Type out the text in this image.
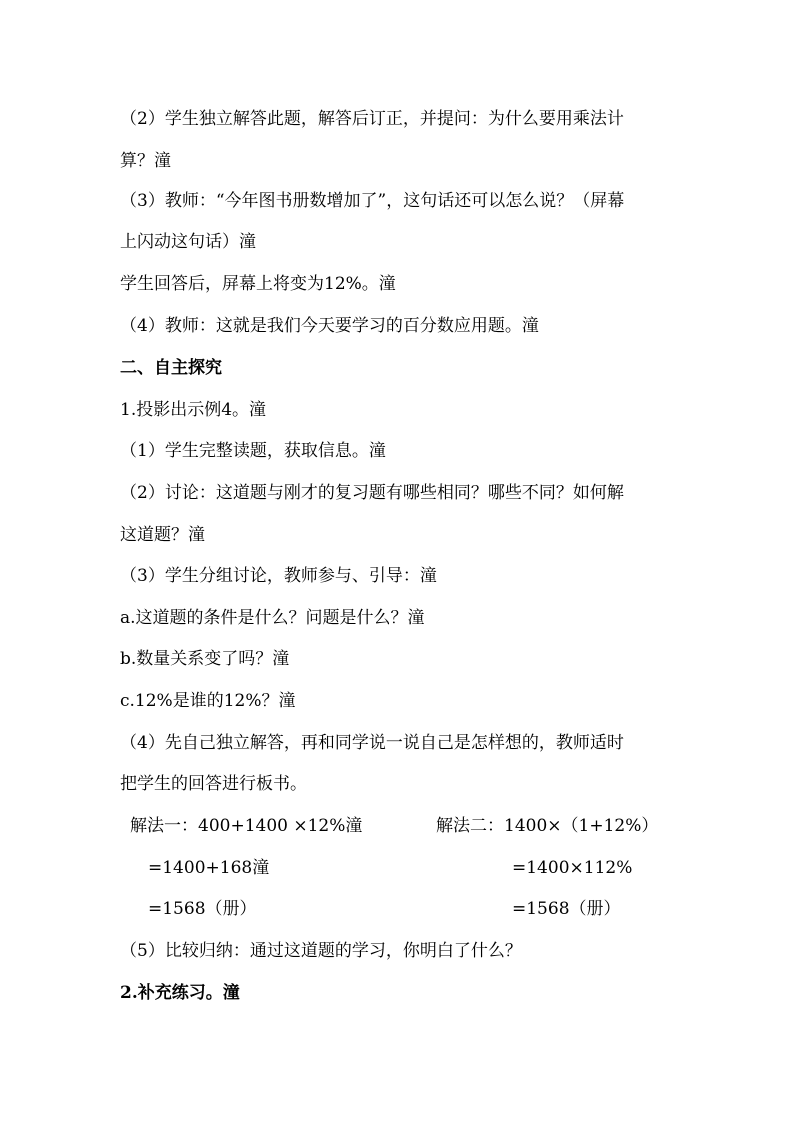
（2）学生独立解答此题，解答后订正，并提问：为什么要用乘法计
算？潼
（3）教师：“今年图书册数增加了”，这句话还可以怎么说？（屏幕
上闪动这句话）潼
学生回答后，屏幕上将变为12%。潼
（4）教师：这就是我们今天要学习的百分数应用题。潼
二、自主探究
1.投影出示例4。潼
（1）学生完整读题，获取信息。潼
（2）讨论：这道题与刚才的复习题有哪些相同？哪些不同？如何解
这道题？潼
（3）学生分组讨论，教师参与、引导：潼
a.这道题的条件是什么？问题是什么？潼
b.数量关系变了吗？潼
c.12%是谁的12%？潼
（4）先自己独立解答，再和同学说一说自己是怎样想的，教师适时
把学生的回答进行板书。
解法一：400+1400 ×12%潼
=1400+168潼
=1568（册）
解法二：1400×（1+12%）
=1400×112%
=1568（册）
（5）比较归纳：通过这道题的学习，你明白了什么？
2.补充练习。潼
